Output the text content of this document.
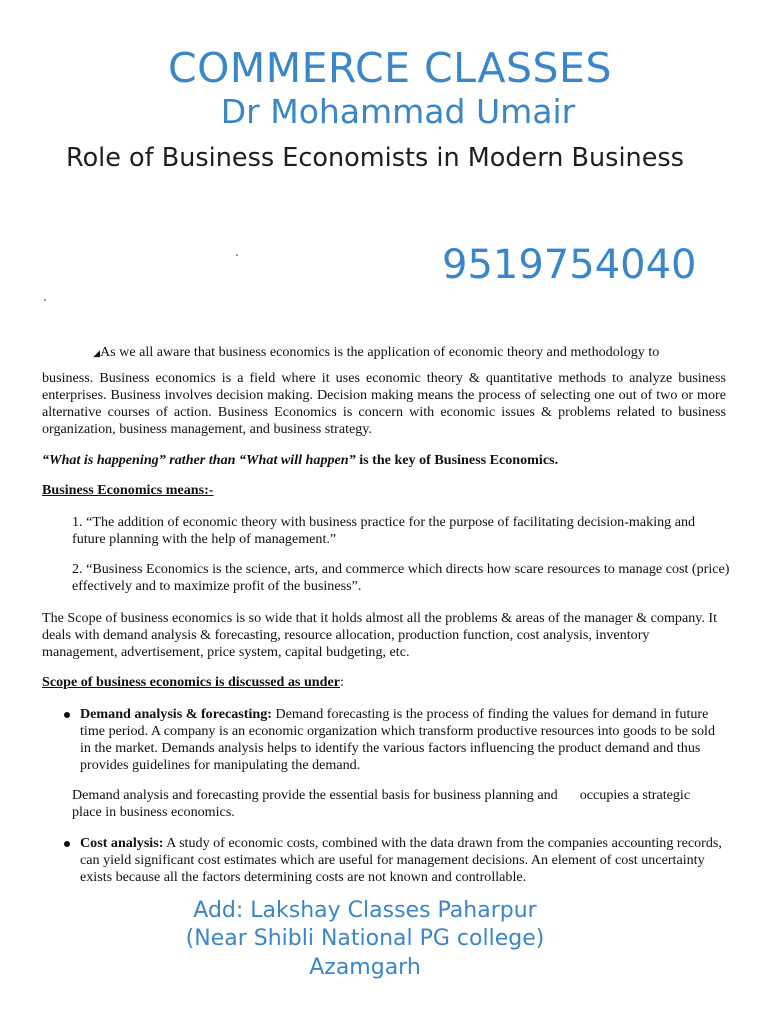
COMMERCE CLASSES
Dr Mohammad Umair
Role of Business Economists in Modern Business
9519754040
◢As we all aware that business economics is the application of economic theory and methodology to
business. Business economics is a field where it uses economic theory & quantitative methods to analyze business enterprises. Business involves decision making. Decision making means the process of selecting one out of two or more alternative courses of action. Business Economics is concern with economic issues & problems related to business organization, business management, and business strategy.
“What is happening” rather than “What will happen” is the key of Business Economics.
Business Economics means:-
1. “The addition of economic theory with business practice for the purpose of facilitating decision-making and future planning with the help of management.”
2. “Business Economics is the science, arts, and commerce which directs how scare resources to manage cost (price) effectively and to maximize profit of the business”.
The Scope of business economics is so wide that it holds almost all the problems & areas of the manager & company. It deals with demand analysis & forecasting, resource allocation, production function, cost analysis, inventory management, advertisement, price system, capital budgeting, etc.
Scope of business economics is discussed as under:
Demand analysis & forecasting: Demand forecasting is the process of finding the values for demand in future time period. A company is an economic organization which transform productive resources into goods to be sold in the market. Demands analysis helps to identify the various factors influencing the product demand and thus provides guidelines for manipulating the demand.
Demand analysis and forecasting provide the essential basis for business planning and occupies a strategic place in business economics.
Cost analysis: A study of economic costs, combined with the data drawn from the companies accounting records, can yield significant cost estimates which are useful for management decisions. An element of cost uncertainty exists because all the factors determining costs are not known and controllable.
Add: Lakshay Classes Paharpur
(Near Shibli National PG college)
Azamgarh
